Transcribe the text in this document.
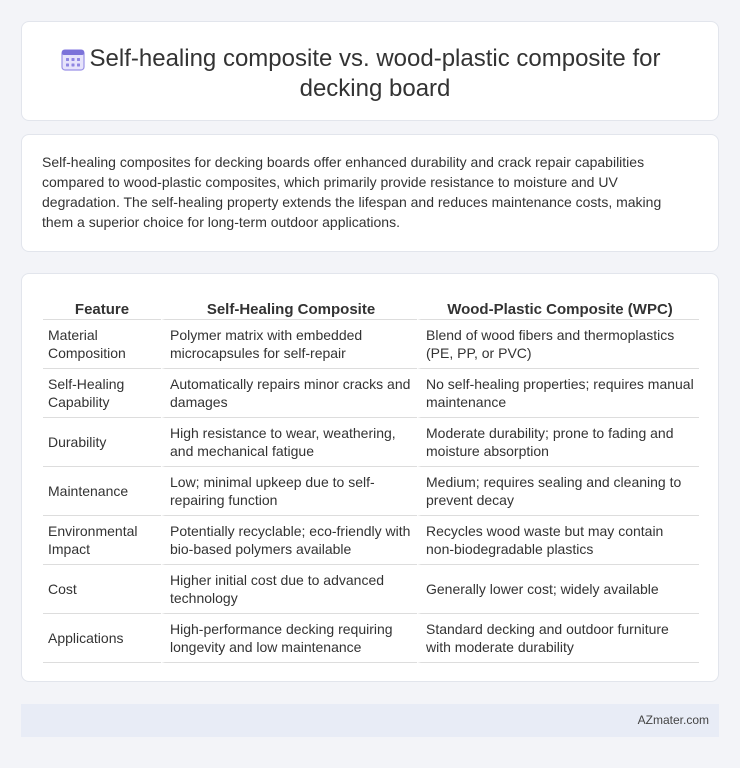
Self-healing composite vs. wood-plastic composite for decking board

Self-healing composites for decking boards offer enhanced durability and crack repair capabilities compared to wood-plastic composites, which primarily provide resistance to moisture and UV degradation. The self-healing property extends the lifespan and reduces maintenance costs, making them a superior choice for long-term outdoor applications.

Feature	Self-Healing Composite	Wood-Plastic Composite (WPC)
Material Composition	Polymer matrix with embedded microcapsules for self-repair	Blend of wood fibers and thermoplastics (PE, PP, or PVC)
Self-Healing Capability	Automatically repairs minor cracks and damages	No self-healing properties; requires manual maintenance
Durability	High resistance to wear, weathering, and mechanical fatigue	Moderate durability; prone to fading and moisture absorption
Maintenance	Low; minimal upkeep due to self-repairing function	Medium; requires sealing and cleaning to prevent decay
Environmental Impact	Potentially recyclable; eco-friendly with bio-based polymers available	Recycles wood waste but may contain non-biodegradable plastics
Cost	Higher initial cost due to advanced technology	Generally lower cost; widely available
Applications	High-performance decking requiring longevity and low maintenance	Standard decking and outdoor furniture with moderate durability
AZmater.com
